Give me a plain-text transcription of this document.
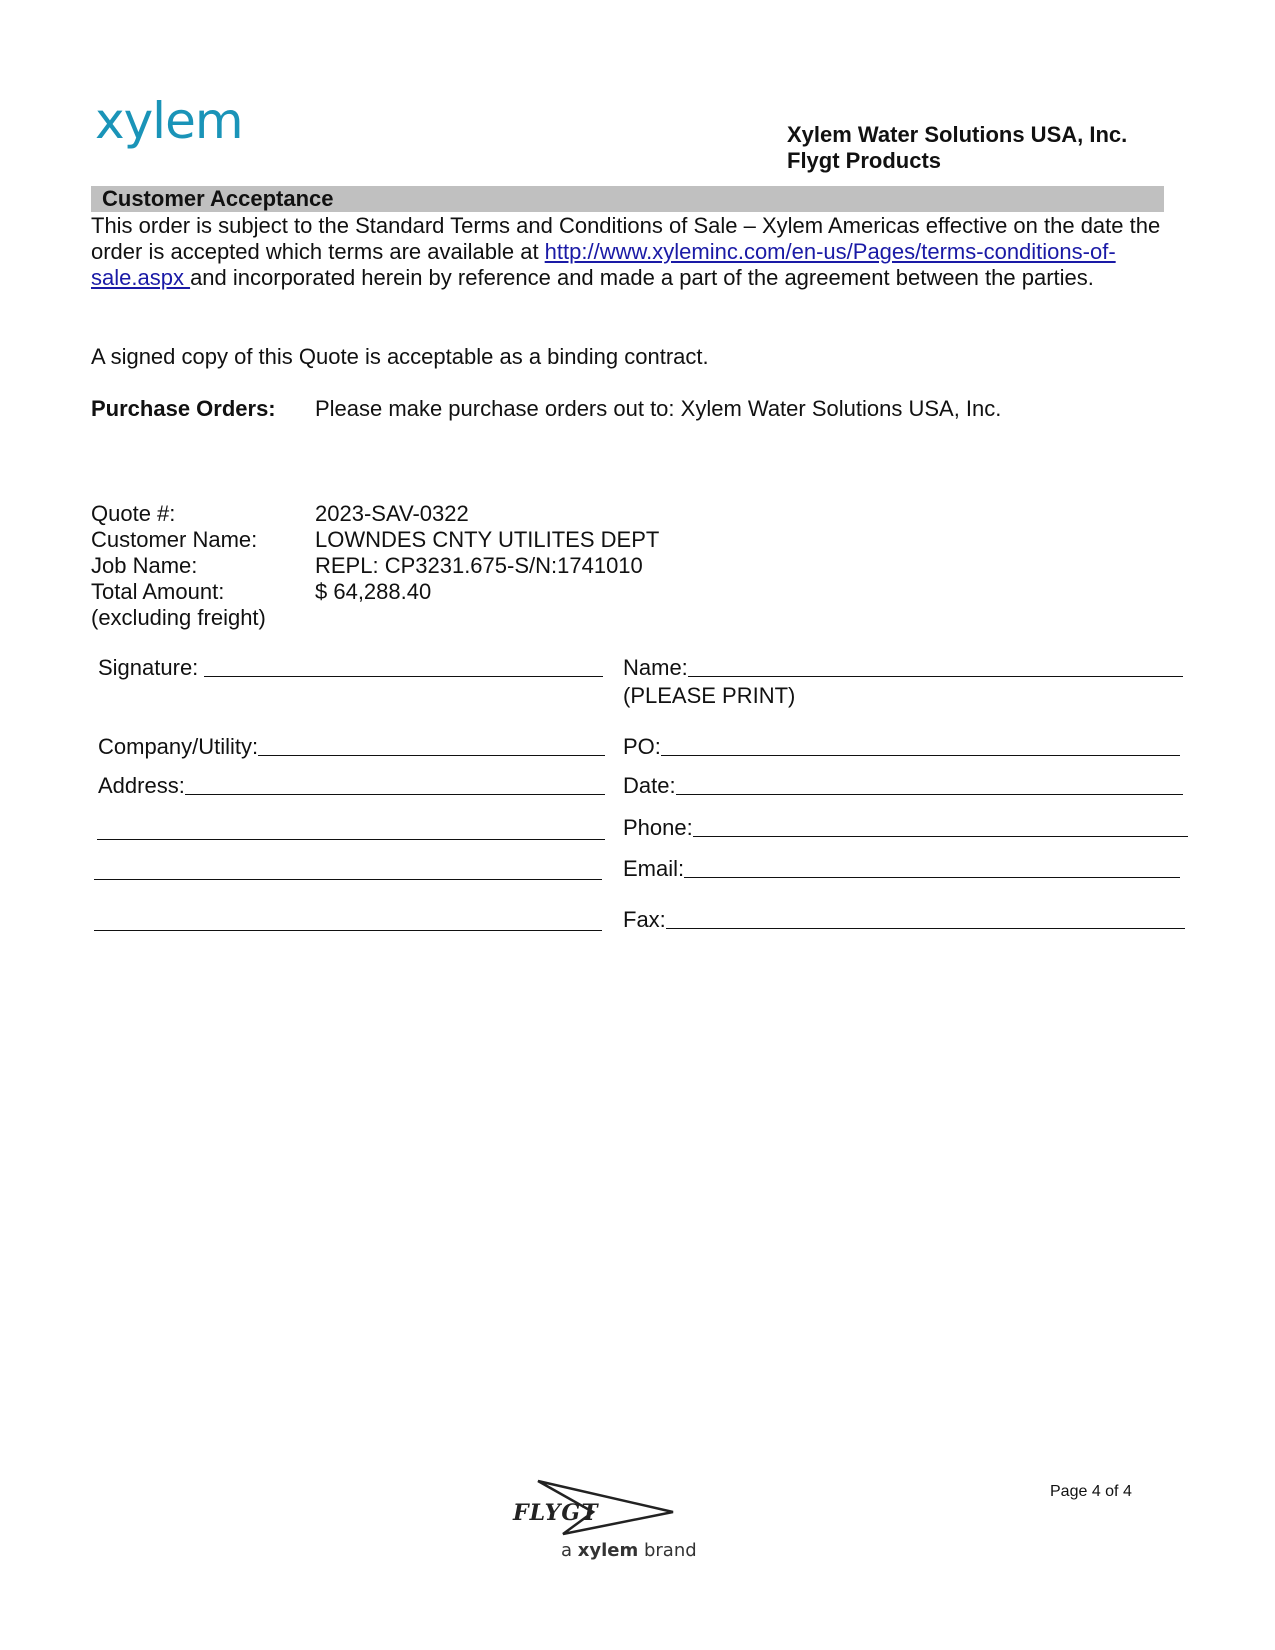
xylem	Xylem Water Solutions USA, Inc.
Flygt Products
Customer Acceptance
This order is subject to the Standard Terms and Conditions of Sale – Xylem Americas effective on the date the order is accepted which terms are available at http://www.xyleminc.com/en-us/Pages/terms-conditions-of-sale.aspx and incorporated herein by reference and made a part of the agreement between the parties.
A signed copy of this Quote is acceptable as a binding contract.
Purchase Orders: Please make purchase orders out to: Xylem Water Solutions USA, Inc.
Quote #:	2023-SAV-0322
Customer Name:	LOWNDES CNTY UTILITES DEPT
Job Name:	REPL: CP3231.675-S/N:1741010
Total Amount:	$ 64,288.40
(excluding freight)
Signature:
Company/Utility:
Address:
Name:
(PLEASE PRINT)
PO:
Date:
Phone:
Email:
Fax:
Page 4 of 4
FLYGT
a xylem brand
